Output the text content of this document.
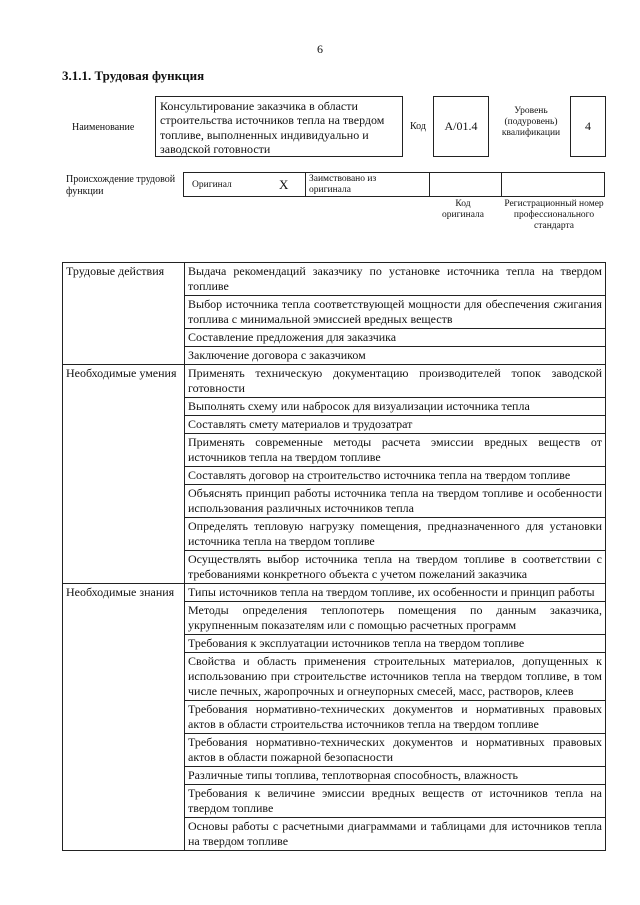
6
3.1.1. Трудовая функция
Наименование
Консультирование заказчика в области строительства источников тепла на твердом топливе, выполненных индивидуально и заводской готовности
Код A/01.4
Уровень (подуровень) квалификации	4
Происхождение трудовой функции
Оригинал	X Заимствовано из оригинала
Код оригинала
Регистрационный номер профессионального стандарта
Трудовые действия	Выдача рекомендаций заказчику по установке источника тепла на твердом топливе
	Выбор источника тепла соответствующей мощности для обеспечения сжигания топлива с минимальной эмиссией вредных веществ
	Составление предложения для заказчика
	Заключение договора с заказчиком
Необходимые умения	Применять техническую документацию производителей топок заводской готовности
	Выполнять схему или набросок для визуализации источника тепла
	Составлять смету материалов и трудозатрат
	Применять современные методы расчета эмиссии вредных веществ от источников тепла на твердом топливе
	Составлять договор на строительство источника тепла на твердом топливе
	Объяснять принцип работы источника тепла на твердом топливе и особенности использования различных источников тепла
	Определять тепловую нагрузку помещения, предназначенного для установки источника тепла на твердом топливе
	Осуществлять выбор источника тепла на твердом топливе в соответствии с требованиями конкретного объекта с учетом пожеланий заказчика
Необходимые знания	Типы источников тепла на твердом топливе, их особенности и принцип работы
	Методы определения теплопотерь помещения по данным заказчика, укрупненным показателям или с помощью расчетных программ
	Требования к эксплуатации источников тепла на твердом топливе
	Свойства и область применения строительных материалов, допущенных к использованию при строительстве источников тепла на твердом топливе, в том числе печных, жаропрочных и огнеупорных смесей, масс, растворов, клеев
	Требования нормативно-технических документов и нормативных правовых актов в области строительства источников тепла на твердом топливе
	Требования нормативно-технических документов и нормативных правовых актов в области пожарной безопасности
	Различные типы топлива, теплотворная способность, влажность
	Требования к величине эмиссии вредных веществ от источников тепла на твердом топливе
	Основы работы с расчетными диаграммами и таблицами для источников тепла на твердом топливе
